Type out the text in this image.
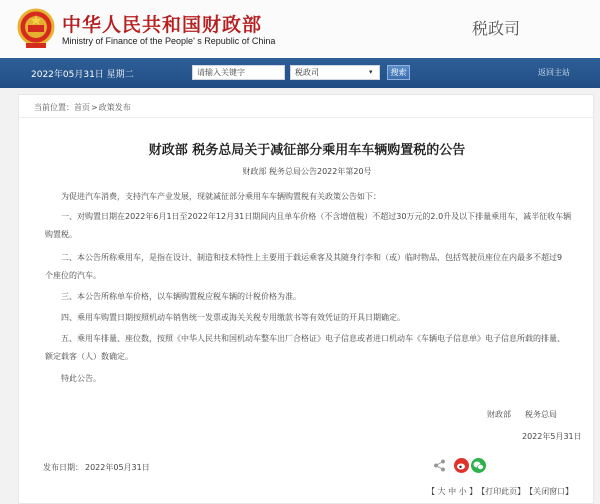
中华人民共和国财政部
Ministry of Finance of the People' s Republic of China
税政司
2022年05月31日 星期二	请输入关键字	税政司	▾	搜索	返回主站
当前位置：首页>政策发布
财政部 税务总局关于减征部分乘用车车辆购置税的公告
财政部 税务总局公告2022年第20号
为促进汽车消费，支持汽车产业发展，现就减征部分乘用车车辆购置税有关政策公告如下：
一、对购置日期在2022年6月1日至2022年12月31日期间内且单车价格（不含增值税）不超过30万元的2.0升及以下排量乘用车，减半征收车辆
购置税。
二、本公告所称乘用车，是指在设计、制造和技术特性上主要用于载运乘客及其随身行李和（或）临时物品，包括驾驶员座位在内最多不超过9
个座位的汽车。
三、本公告所称单车价格，以车辆购置税应税车辆的计税价格为准。
四、乘用车购置日期按照机动车销售统一发票或海关关税专用缴款书等有效凭证的开具日期确定。
五、乘用车排量、座位数，按照《中华人民共和国机动车整车出厂合格证》电子信息或者进口机动车《车辆电子信息单》电子信息所载的排量、
额定载客（人）数确定。
特此公告。
财政部 税务总局
2022年5月31日
发布日期： 2022年05月31日
【 大 中 小 】 【打印此页】 【关闭窗口】
